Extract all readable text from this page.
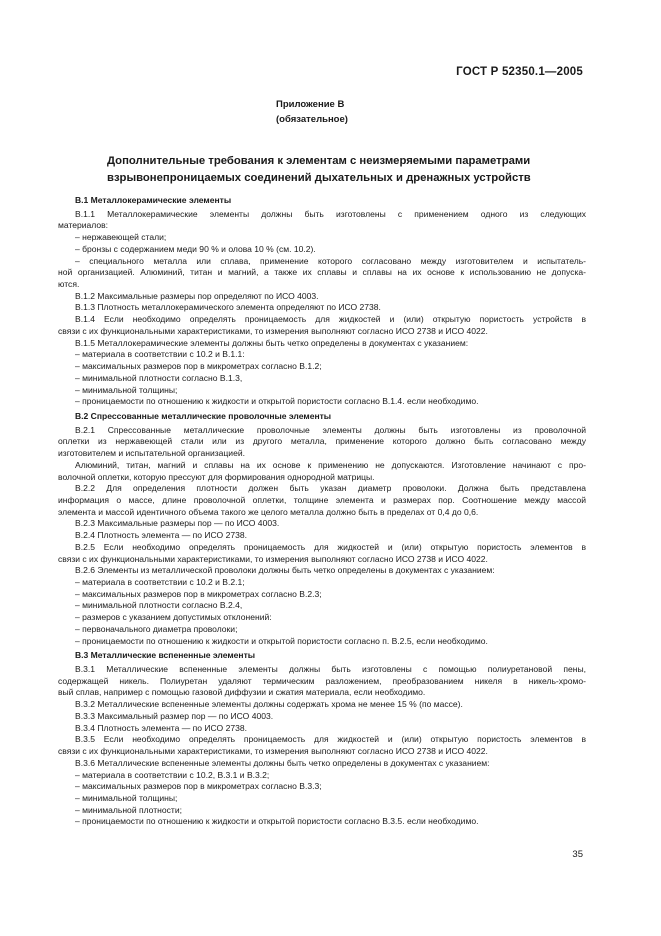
ГОСТ Р 52350.1—2005
Приложение В
(обязательное)
Дополнительные требования к элементам с неизмеряемыми параметрами
взрывонепроницаемых соединений дыхательных и дренажных устройств
В.1 Металлокерамические элементы
В.1.1 Металлокерамические элементы должны быть изготовлены с применением одного из следующих
материалов:
– нержавеющей стали;
– бронзы с содержанием меди 90 % и олова 10 % (см. 10.2).
– специального металла или сплава, применение которого согласовано между изготовителем и испытатель-
ной организацией. Алюминий, титан и магний, а также их сплавы и сплавы на их основе к использованию не допуска-
ются.
В.1.2 Максимальные размеры пор определяют по ИСО 4003.
В.1.3 Плотность металлокерамического элемента определяют по ИСО 2738.
В.1.4 Если необходимо определять проницаемость для жидкостей и (или) открытую пористость устройств в
связи с их функциональными характеристиками, то измерения выполняют согласно ИСО 2738 и ИСО 4022.
В.1.5 Металлокерамические элементы должны быть четко определены в документах с указанием:
– материала в соответствии с 10.2 и В.1.1:
– максимальных размеров пор в микрометрах согласно В.1.2;
– минимальной плотности согласно В.1.3,
– минимальной толщины;
– проницаемости по отношению к жидкости и открытой пористости согласно В.1.4. если необходимо.
В.2 Спрессованные металлические проволочные элементы
В.2.1 Спрессованные металлические проволочные элементы должны быть изготовлены из проволочной
оплетки из нержавеющей стали или из другого металла, применение которого должно быть согласовано между
изготовителем и испытательной организацией.
Алюминий, титан, магний и сплавы на их основе к применению не допускаются. Изготовление начинают с про-
волочной оплетки, которую прессуют для формирования однородной матрицы.
В.2.2 Для определения плотности должен быть указан диаметр проволоки. Должна быть представлена
информация о массе, длине проволочной оплетки, толщине элемента и размерах пор. Соотношение между массой
элемента и массой идентичного объема такого же целого металла должно быть в пределах от 0,4 до 0,6.
В.2.3 Максимальные размеры пор — по ИСО 4003.
В.2.4 Плотность элемента — по ИСО 2738.
В.2.5 Если необходимо определять проницаемость для жидкостей и (или) открытую пористость элементов в
связи с их функциональными характеристиками, то измерения выполняют согласно ИСО 2738 и ИСО 4022.
В.2.6 Элементы из металлической проволоки должны быть четко определены в документах с указанием:
– материала в соответствии с 10.2 и В.2.1;
– максимальных размеров пор в микрометрах согласно В.2.3;
– минимальной плотности согласно В.2.4,
– размеров с указанием допустимых отклонений:
– первоначального диаметра проволоки;
– проницаемости по отношению к жидкости и открытой пористости согласно п. В.2.5, если необходимо.
В.3 Металлические вспененные элементы
В.3.1 Металлические вспененные элементы должны быть изготовлены с помощью полиуретановой пены,
содержащей никель. Полиуретан удаляют термическим разложением, преобразованием никеля в никель-хромо-
вый сплав, например с помощью газовой диффузии и сжатия материала, если необходимо.
В.3.2 Металлические вспененные элементы должны содержать хрома не менее 15 % (по массе).
В.3.3 Максимальный размер пор — по ИСО 4003.
В.3.4 Плотность элемента — по ИСО 2738.
В.3.5 Если необходимо определять проницаемость для жидкостей и (или) открытую пористость элементов в
связи с их функциональными характеристиками, то измерения выполняют согласно ИСО 2738 и ИСО 4022.
В.3.6 Металлические вспененные элементы должны быть четко определены в документах с указанием:
– материала в соответствии с 10.2, В.3.1 и В.3.2;
– максимальных размеров пор в микрометрах согласно В.3.3;
– минимальной толщины;
– минимальной плотности;
– проницаемости по отношению к жидкости и открытой пористости согласно В.3.5. если необходимо.
35
